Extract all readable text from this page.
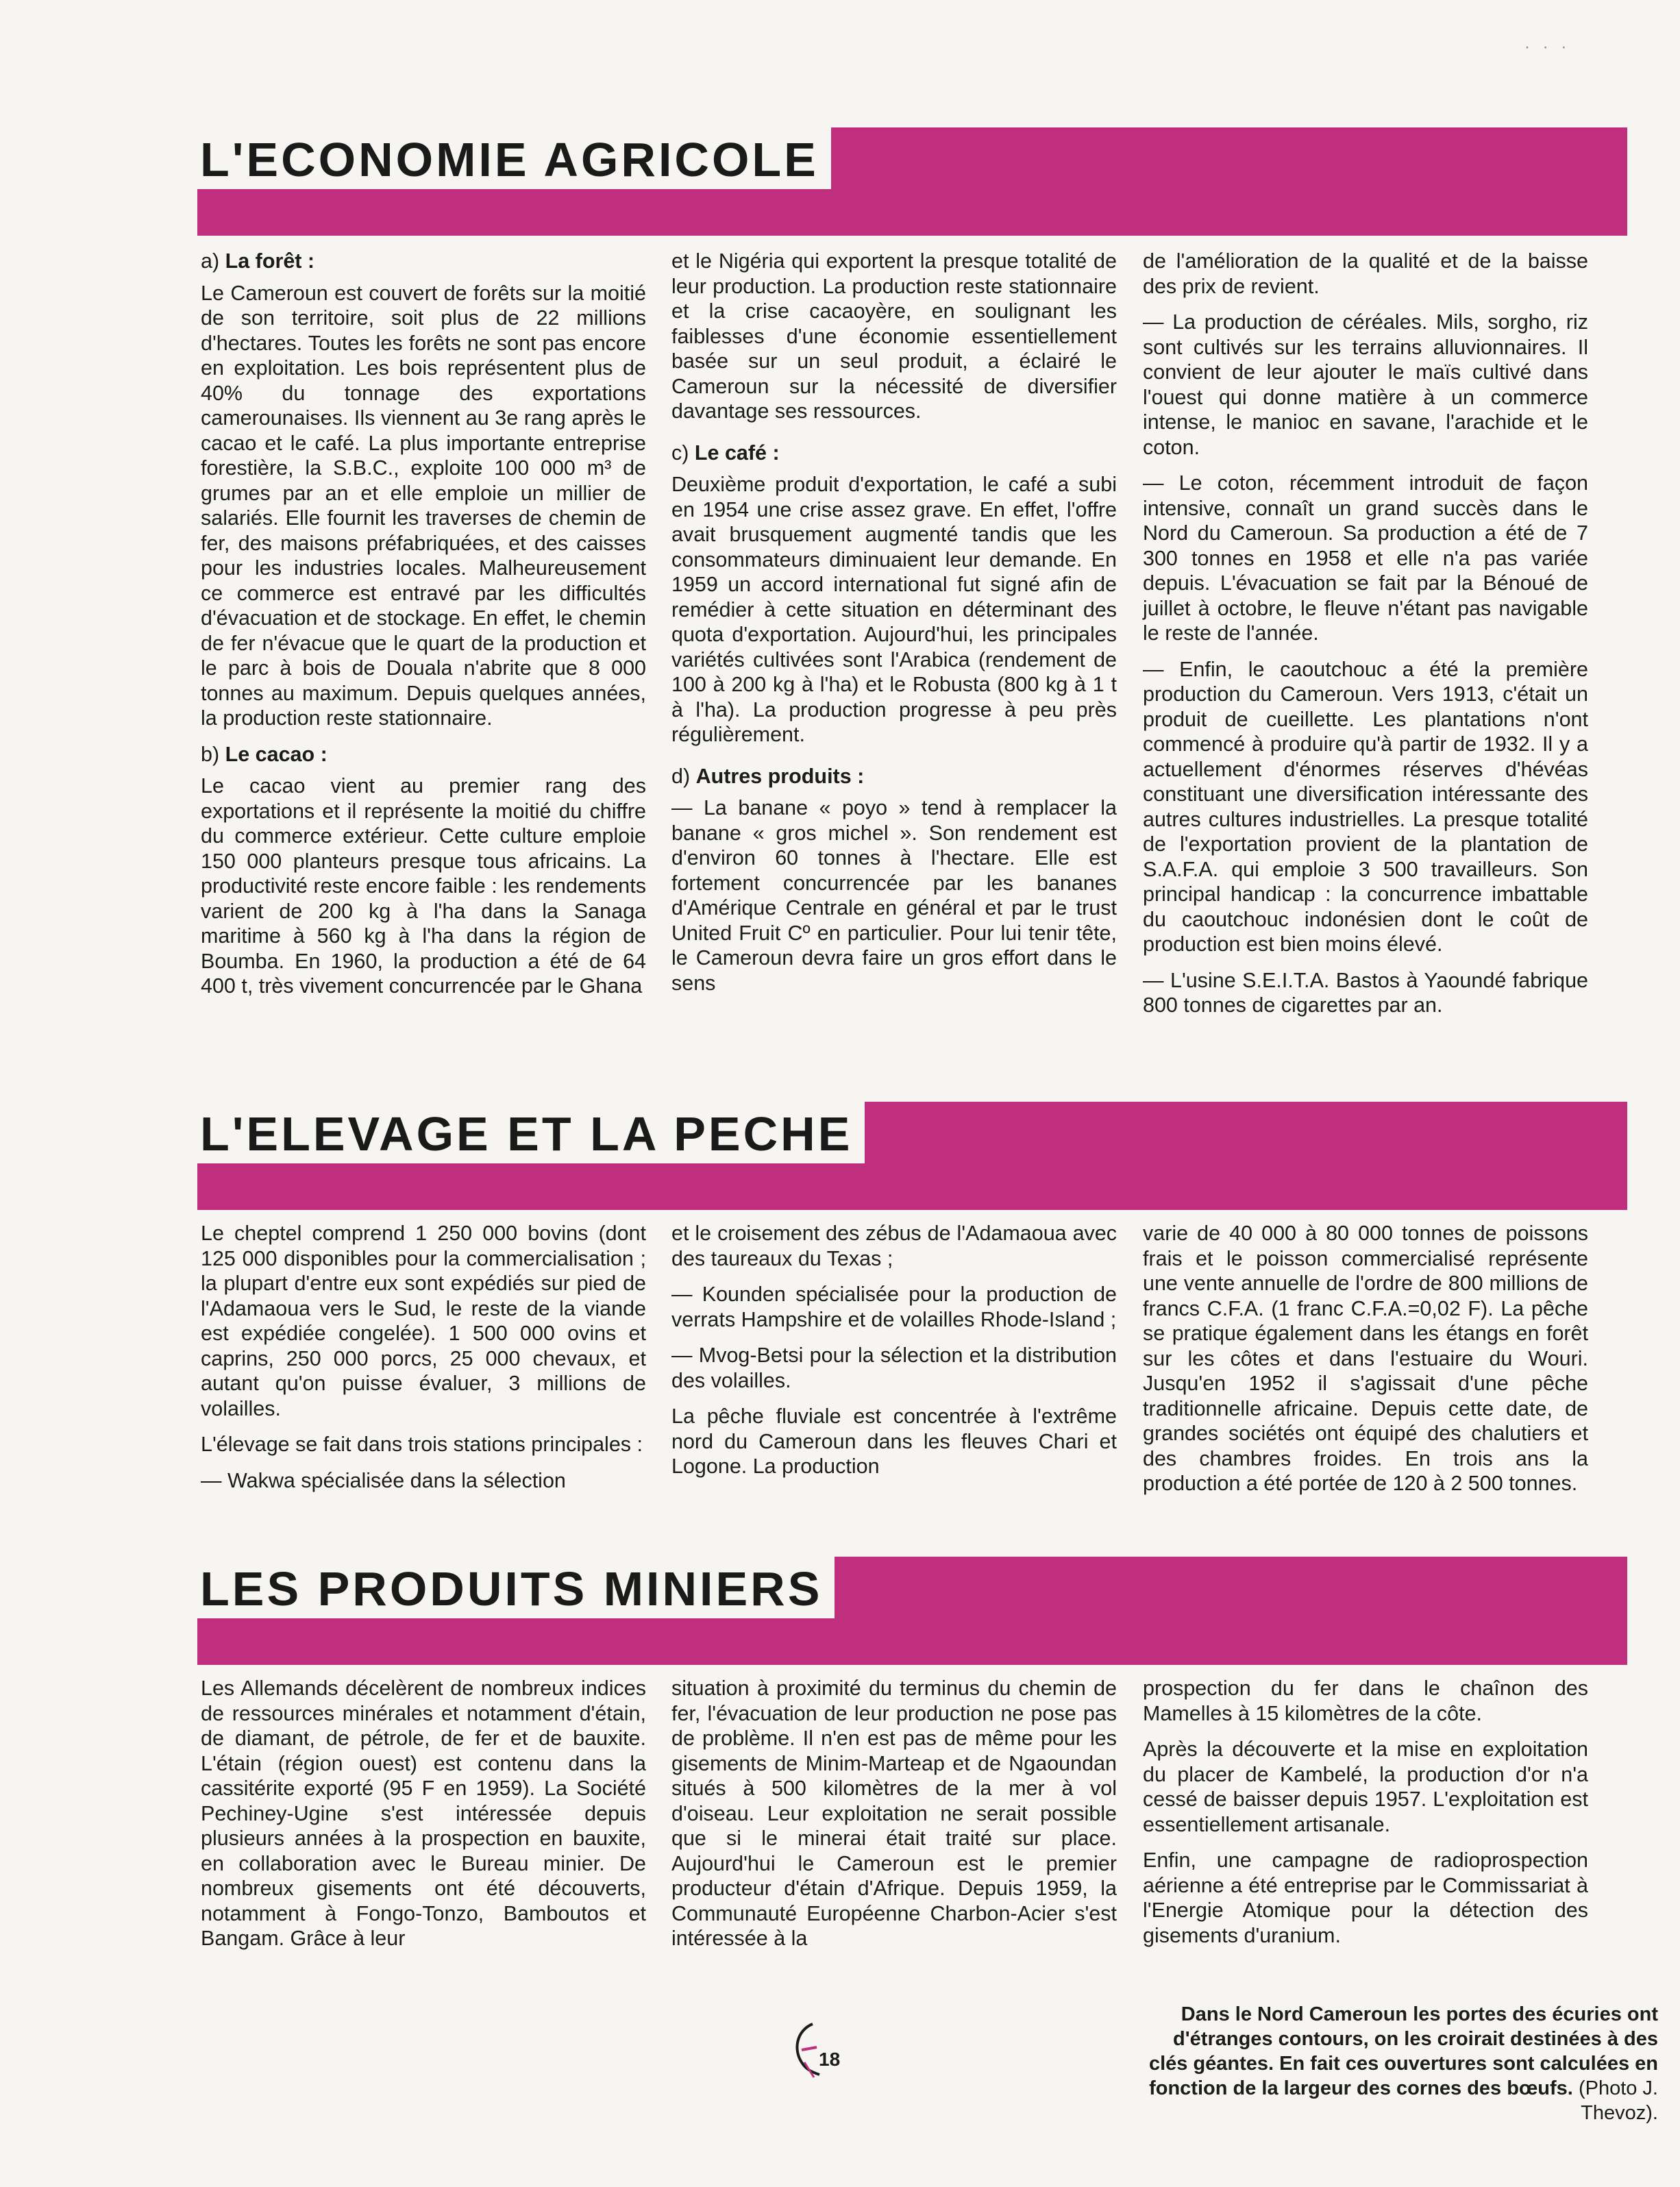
· · ·
L'ECONOMIE AGRICOLE
a) La forêt :

Le Cameroun est couvert de forêts sur la moitié de son territoire, soit plus de 22 millions d'hectares. Toutes les forêts ne sont pas encore en exploitation. Les bois représentent plus de 40% du tonnage des exportations camerounaises. Ils viennent au 3e rang après le cacao et le café. La plus importante entreprise forestière, la S.B.C., exploite 100 000 m³ de grumes par an et elle emploie un millier de salariés. Elle fournit les traverses de chemin de fer, des maisons préfabriquées, et des caisses pour les industries locales. Malheureusement ce commerce est entravé par les difficultés d'évacuation et de stockage. En effet, le chemin de fer n'évacue que le quart de la production et le parc à bois de Douala n'abrite que 8 000 tonnes au maximum. Depuis quelques années, la production reste stationnaire.

b) Le cacao :

Le cacao vient au premier rang des exportations et il représente la moitié du chiffre du commerce extérieur. Cette culture emploie 150 000 planteurs presque tous africains. La productivité reste encore faible : les rendements varient de 200 kg à l'ha dans la Sanaga maritime à 560 kg à l'ha dans la région de Boumba. En 1960, la production a été de 64 400 t, très vivement concurrencée par le Ghana

et le Nigéria qui exportent la presque totalité de leur production. La production reste stationnaire et la crise cacaoyère, en soulignant les faiblesses d'une économie essentiellement basée sur un seul produit, a éclairé le Cameroun sur la nécessité de diversifier davantage ses ressources.

c) Le café :

Deuxième produit d'exportation, le café a subi en 1954 une crise assez grave. En effet, l'offre avait brusquement augmenté tandis que les consommateurs diminuaient leur demande. En 1959 un accord international fut signé afin de remédier à cette situation en déterminant des quota d'exportation. Aujourd'hui, les principales variétés cultivées sont l'Arabica (rendement de 100 à 200 kg à l'ha) et le Robusta (800 kg à 1 t à l'ha). La production progresse à peu près régulièrement.

d) Autres produits :

— La banane « poyo » tend à remplacer la banane « gros michel ». Son rendement est d'environ 60 tonnes à l'hectare. Elle est fortement concurrencée par les bananes d'Amérique Centrale en général et par le trust United Fruit Cº en particulier. Pour lui tenir tête, le Cameroun devra faire un gros effort dans le sens

de l'amélioration de la qualité et de la baisse des prix de revient.

— La production de céréales. Mils, sorgho, riz sont cultivés sur les terrains alluvionnaires. Il convient de leur ajouter le maïs cultivé dans l'ouest qui donne matière à un commerce intense, le manioc en savane, l'arachide et le coton.

— Le coton, récemment introduit de façon intensive, connaît un grand succès dans le Nord du Cameroun. Sa production a été de 7 300 tonnes en 1958 et elle n'a pas variée depuis. L'évacuation se fait par la Bénoué de juillet à octobre, le fleuve n'étant pas navigable le reste de l'année.

— Enfin, le caoutchouc a été la première production du Cameroun. Vers 1913, c'était un produit de cueillette. Les plantations n'ont commencé à produire qu'à partir de 1932. Il y a actuellement d'énormes réserves d'hévéas constituant une diversification intéressante des autres cultures industrielles. La presque totalité de l'exportation provient de la plantation de S.A.F.A. qui emploie 3 500 travailleurs. Son principal handicap : la concurrence imbattable du caoutchouc indonésien dont le coût de production est bien moins élevé.

— L'usine S.E.I.T.A. Bastos à Yaoundé fabrique 800 tonnes de cigarettes par an.

L'ELEVAGE ET LA PECHE

Le cheptel comprend 1 250 000 bovins (dont 125 000 disponibles pour la commercialisation ; la plupart d'entre eux sont expédiés sur pied de l'Adamaoua vers le Sud, le reste de la viande est expédiée congelée). 1 500 000 ovins et caprins, 250 000 porcs, 25 000 chevaux, et autant qu'on puisse évaluer, 3 millions de volailles.

L'élevage se fait dans trois stations principales :

— Wakwa spécialisée dans la sélection

et le croisement des zébus de l'Adamaoua avec des taureaux du Texas ;

— Kounden spécialisée pour la production de verrats Hampshire et de volailles Rhode-Island ;

— Mvog-Betsi pour la sélection et la distribution des volailles.

La pêche fluviale est concentrée à l'extrême nord du Cameroun dans les fleuves Chari et Logone. La production

varie de 40 000 à 80 000 tonnes de poissons frais et le poisson commercialisé représente une vente annuelle de l'ordre de 800 millions de francs C.F.A. (1 franc C.F.A.=0,02 F). La pêche se pratique également dans les étangs en forêt sur les côtes et dans l'estuaire du Wouri. Jusqu'en 1952 il s'agissait d'une pêche traditionnelle africaine. Depuis cette date, de grandes sociétés ont équipé des chalutiers et des chambres froides. En trois ans la production a été portée de 120 à 2 500 tonnes.

LES PRODUITS MINIERS

Les Allemands décelèrent de nombreux indices de ressources minérales et notamment d'étain, de diamant, de pétrole, de fer et de bauxite. L'étain (région ouest) est contenu dans la cassitérite exporté (95 F en 1959). La Société Pechiney-Ugine s'est intéressée depuis plusieurs années à la prospection en bauxite, en collaboration avec le Bureau minier. De nombreux gisements ont été découverts, notamment à Fongo-Tonzo, Bamboutos et Bangam. Grâce à leur

situation à proximité du terminus du chemin de fer, l'évacuation de leur production ne pose pas de problème. Il n'en est pas de même pour les gisements de Minim-Marteap et de Ngaoundan situés à 500 kilomètres de la mer à vol d'oiseau. Leur exploitation ne serait possible que si le minerai était traité sur place. Aujourd'hui le Cameroun est le premier producteur d'étain d'Afrique. Depuis 1959, la Communauté Européenne Charbon-Acier s'est intéressée à la

prospection du fer dans le chaînon des Mamelles à 15 kilomètres de la côte.

Après la découverte et la mise en exploitation du placer de Kambelé, la production d'or n'a cessé de baisser depuis 1957. L'exploitation est essentiellement artisanale.

Enfin, une campagne de radioprospection aérienne a été entreprise par le Commissariat à l'Energie Atomique pour la détection des gisements d'uranium.

18
Dans le Nord Cameroun les portes des écuries ont d'étranges contours, on les croirait destinées à des clés géantes. En fait ces ouvertures sont calculées en fonction de la largeur des cornes des bœufs. (Photo J. Thevoz).
